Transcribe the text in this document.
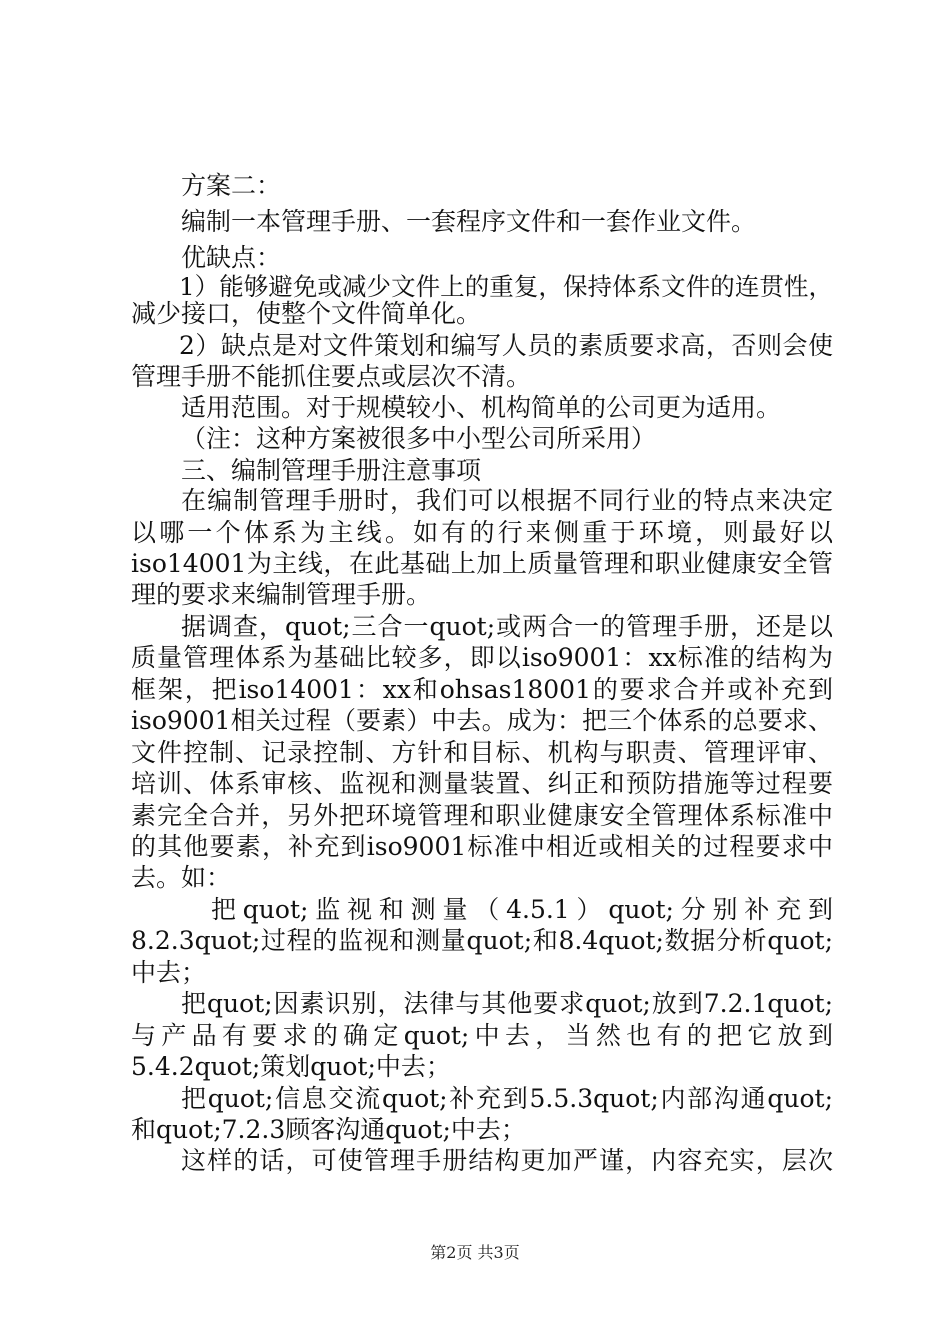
方案二：
编制一本管理手册、一套程序文件和一套作业文件。
优缺点：
1）能够避免或减少文件上的重复，保持体系文件的连贯性，
减少接口，使整个文件简单化。
2）缺点是对文件策划和编写人员的素质要求高，否则会使
管理手册不能抓住要点或层次不清。
适用范围。对于规模较小、机构简单的公司更为适用。
（注：这种方案被很多中小型公司所采用）
三、编制管理手册注意事项
在编制管理手册时，我们可以根据不同行业的特点来决定
以哪一个体系为主线。如有的行来侧重于环境，则最好以
iso14001为主线，在此基础上加上质量管理和职业健康安全管
理的要求来编制管理手册。
据调查，quot;三合一quot;或两合一的管理手册，还是以
质量管理体系为基础比较多，即以iso9001：xx标准的结构为
框架，把iso14001：xx和ohsas18001的要求合并或补充到
iso9001相关过程（要素）中去。成为：把三个体系的总要求、
文件控制、记录控制、方针和目标、机构与职责、管理评审、
培训、体系审核、监视和测量装置、纠正和预防措施等过程要
素完全合并，另外把环境管理和职业健康安全管理体系标准中
的其他要素，补充到iso9001标准中相近或相关的过程要求中
去。如：
把quot;监视和测量（4.5.1）quot;分别补充到
8.2.3quot;过程的监视和测量quot;和8.4quot;数据分析quot;
中去；
把quot;因素识别，法律与其他要求quot;放到7.2.1quot;
与产品有要求的确定quot;中去，当然也有的把它放到
5.4.2quot;策划quot;中去；
把quot;信息交流quot;补充到5.5.3quot;内部沟通quot;
和quot;7.2.3顾客沟通quot;中去；
这样的话，可使管理手册结构更加严谨，内容充实，层次
第2页 共3页
